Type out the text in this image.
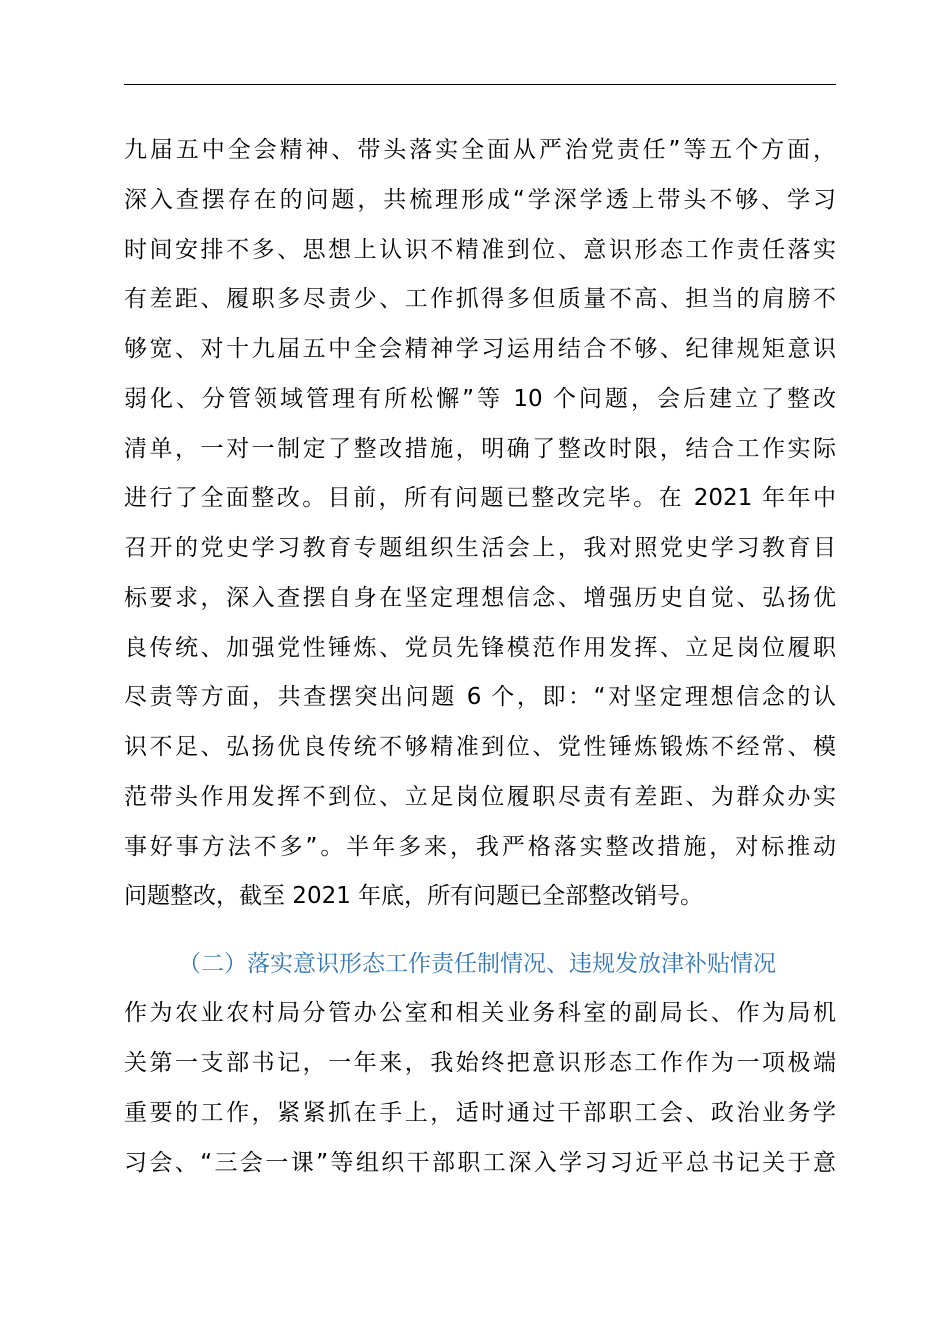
九届五中全会精神、带头落实全面从严治党责任”等五个方面，
深入查摆存在的问题，共梳理形成“学深学透上带头不够、学习
时间安排不多、思想上认识不精准到位、意识形态工作责任落实
有差距、履职多尽责少、工作抓得多但质量不高、担当的肩膀不
够宽、对十九届五中全会精神学习运用结合不够、纪律规矩意识
弱化、分管领域管理有所松懈”等 10 个问题，会后建立了整改
清单，一对一制定了整改措施，明确了整改时限，结合工作实际
进行了全面整改。目前，所有问题已整改完毕。在 2021 年年中
召开的党史学习教育专题组织生活会上，我对照党史学习教育目
标要求，深入查摆自身在坚定理想信念、增强历史自觉、弘扬优
良传统、加强党性锤炼、党员先锋模范作用发挥、立足岗位履职
尽责等方面，共查摆突出问题 6 个，即：“对坚定理想信念的认
识不足、弘扬优良传统不够精准到位、党性锤炼锻炼不经常、模
范带头作用发挥不到位、立足岗位履职尽责有差距、为群众办实
事好事方法不多”。半年多来，我严格落实整改措施，对标推动
问题整改，截至 2021 年底，所有问题已全部整改销号。
（二）落实意识形态工作责任制情况、违规发放津补贴情况
作为农业农村局分管办公室和相关业务科室的副局长、作为局机
关第一支部书记，一年来，我始终把意识形态工作作为一项极端
重要的工作，紧紧抓在手上，适时通过干部职工会、政治业务学
习会、“三会一课”等组织干部职工深入学习习近平总书记关于意
